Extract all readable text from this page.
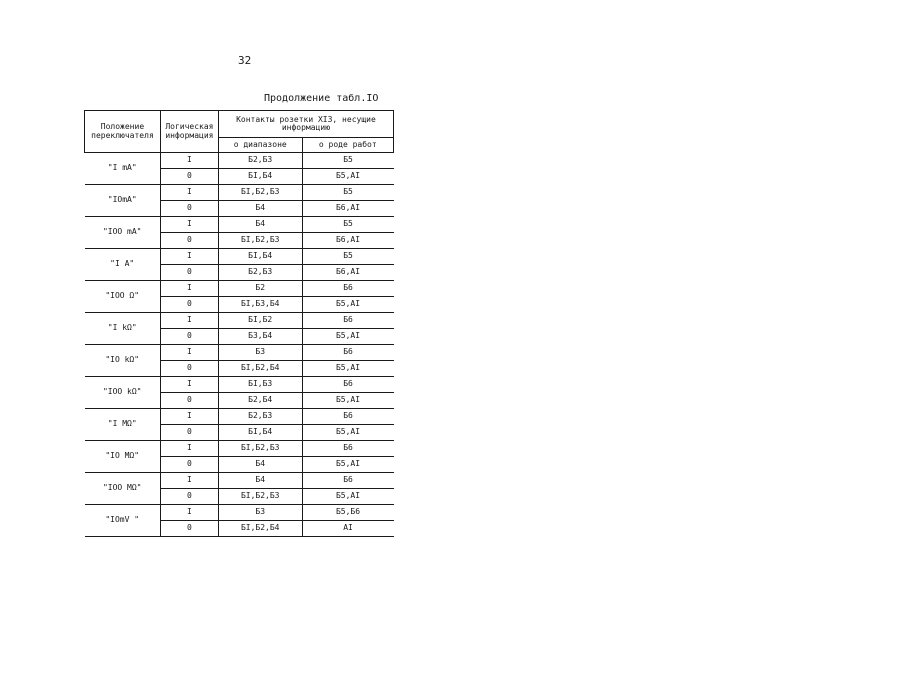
32
Продолжение табл.IO
Положение переключателя	Логическая информация	Контакты розетки XI3, несущие информацию	
		о диапазоне	о роде работ
"I mA"	I	Б2,Б3	Б5
	0	БI,Б4	Б5,AI
"IOmA"	I	БI,Б2,Б3	Б5
	0	Б4	Б6,AI
"IOO mA"	I	Б4	Б5
	0	БI,Б2,Б3	Б6,AI
"I A"	I	БI,Б4	Б5
	0	Б2,Б3	Б6,AI
"IOO Ω"	I	Б2	Б6
	0	БI,Б3,Б4	Б5,AI
"I kΩ"	I	БI,Б2	Б6
	0	Б3,Б4	Б5,AI
"IO kΩ"	I	Б3	Б6
	0	БI,Б2,Б4	Б5,AI
"IOO kΩ"	I	БI,Б3	Б6
	0	Б2,Б4	Б5,AI
"I MΩ"	I	Б2,Б3	Б6
	0	БI,Б4	Б5,AI
"IO MΩ"	I	БI,Б2,Б3	Б6
	0	Б4	Б5,AI
"IOO MΩ"	I	Б4	Б6
	0	БI,Б2,Б3	Б5,AI
"IOmV "	I	Б3	Б5,Б6
	0	БI,Б2,Б4	AI
